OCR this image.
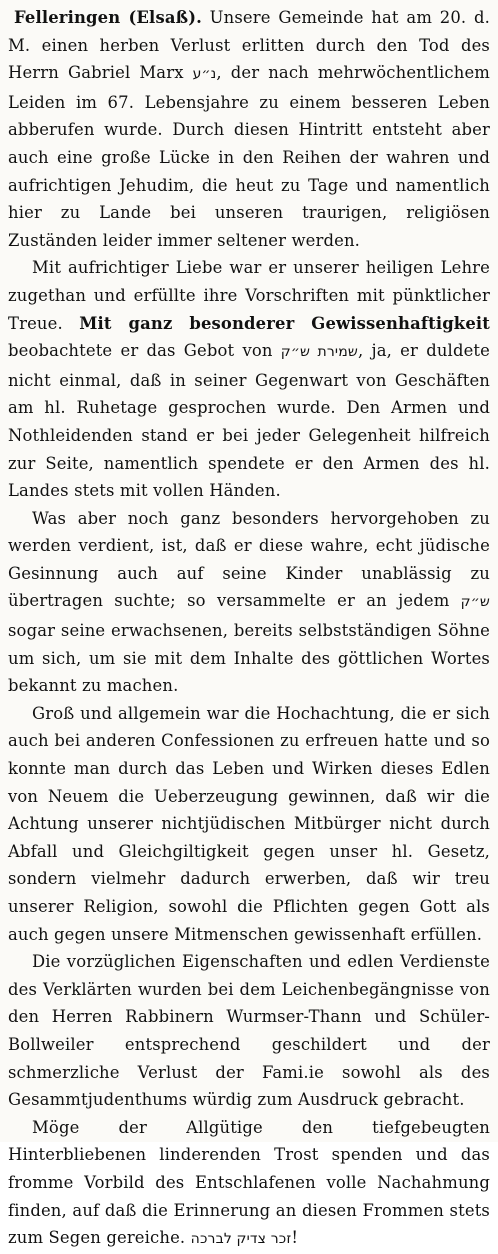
Felleringen (Elsaß). Unsere Gemeinde hat am 20. d. M. einen herben Verlust erlitten durch den Tod des Herrn Gabriel Marx נ״ע, der nach mehrwöchentlichem Leiden im 67. Lebensjahre zu einem besseren Leben abberufen wurde. Durch diesen Hintritt entsteht aber auch eine große Lücke in den Reihen der wahren und aufrichtigen Jehudim, die heut zu Tage und namentlich hier zu Lande bei unseren traurigen, religiösen Zuständen leider immer seltener werden.

Mit aufrichtiger Liebe war er unserer heiligen Lehre zugethan und erfüllte ihre Vorschriften mit pünktlicher Treue. Mit ganz besonderer Gewissenhaftigkeit beobachtete er das Gebot von שמירת ש״ק, ja, er duldete nicht einmal, daß in seiner Gegenwart von Geschäften am hl. Ruhetage gesprochen wurde. Den Armen und Nothleidenden stand er bei jeder Gelegenheit hilfreich zur Seite, namentlich spendete er den Armen des hl. Landes stets mit vollen Händen.

Was aber noch ganz besonders hervorgehoben zu werden verdient, ist, daß er diese wahre, echt jüdische Gesinnung auch auf seine Kinder unablässig zu übertragen suchte; so versammelte er an jedem ש״ק sogar seine erwachsenen, bereits selbstständigen Söhne um sich, um sie mit dem Inhalte des göttlichen Wortes bekannt zu machen.

Groß und allgemein war die Hochachtung, die er sich auch bei anderen Confessionen zu erfreuen hatte und so konnte man durch das Leben und Wirken dieses Edlen von Neuem die Ueberzeugung gewinnen, daß wir die Achtung unserer nichtjüdischen Mitbürger nicht durch Abfall und Gleichgiltigkeit gegen unser hl. Gesetz, sondern vielmehr dadurch erwerben, daß wir treu unserer Religion, sowohl die Pflichten gegen Gott als auch gegen unsere Mitmenschen gewissenhaft erfüllen.

Die vorzüglichen Eigenschaften und edlen Verdienste des Verklärten wurden bei dem Leichenbegängnisse von den Herren Rabbinern Wurmser-Thann und Schüler-Bollweiler entsprechend geschildert und der schmerzliche Verlust der Fami.ie sowohl als des Gesammtjudenthums würdig zum Ausdruck gebracht.

Möge der Allgütige den tiefgebeugten Hinterbliebenen linderenden Trost spenden und das fromme Vorbild des Entschlafenen volle Nachahmung finden, auf daß die Erinnerung an diesen Frommen stets zum Segen gereiche. זכר צדיק לברכה!
